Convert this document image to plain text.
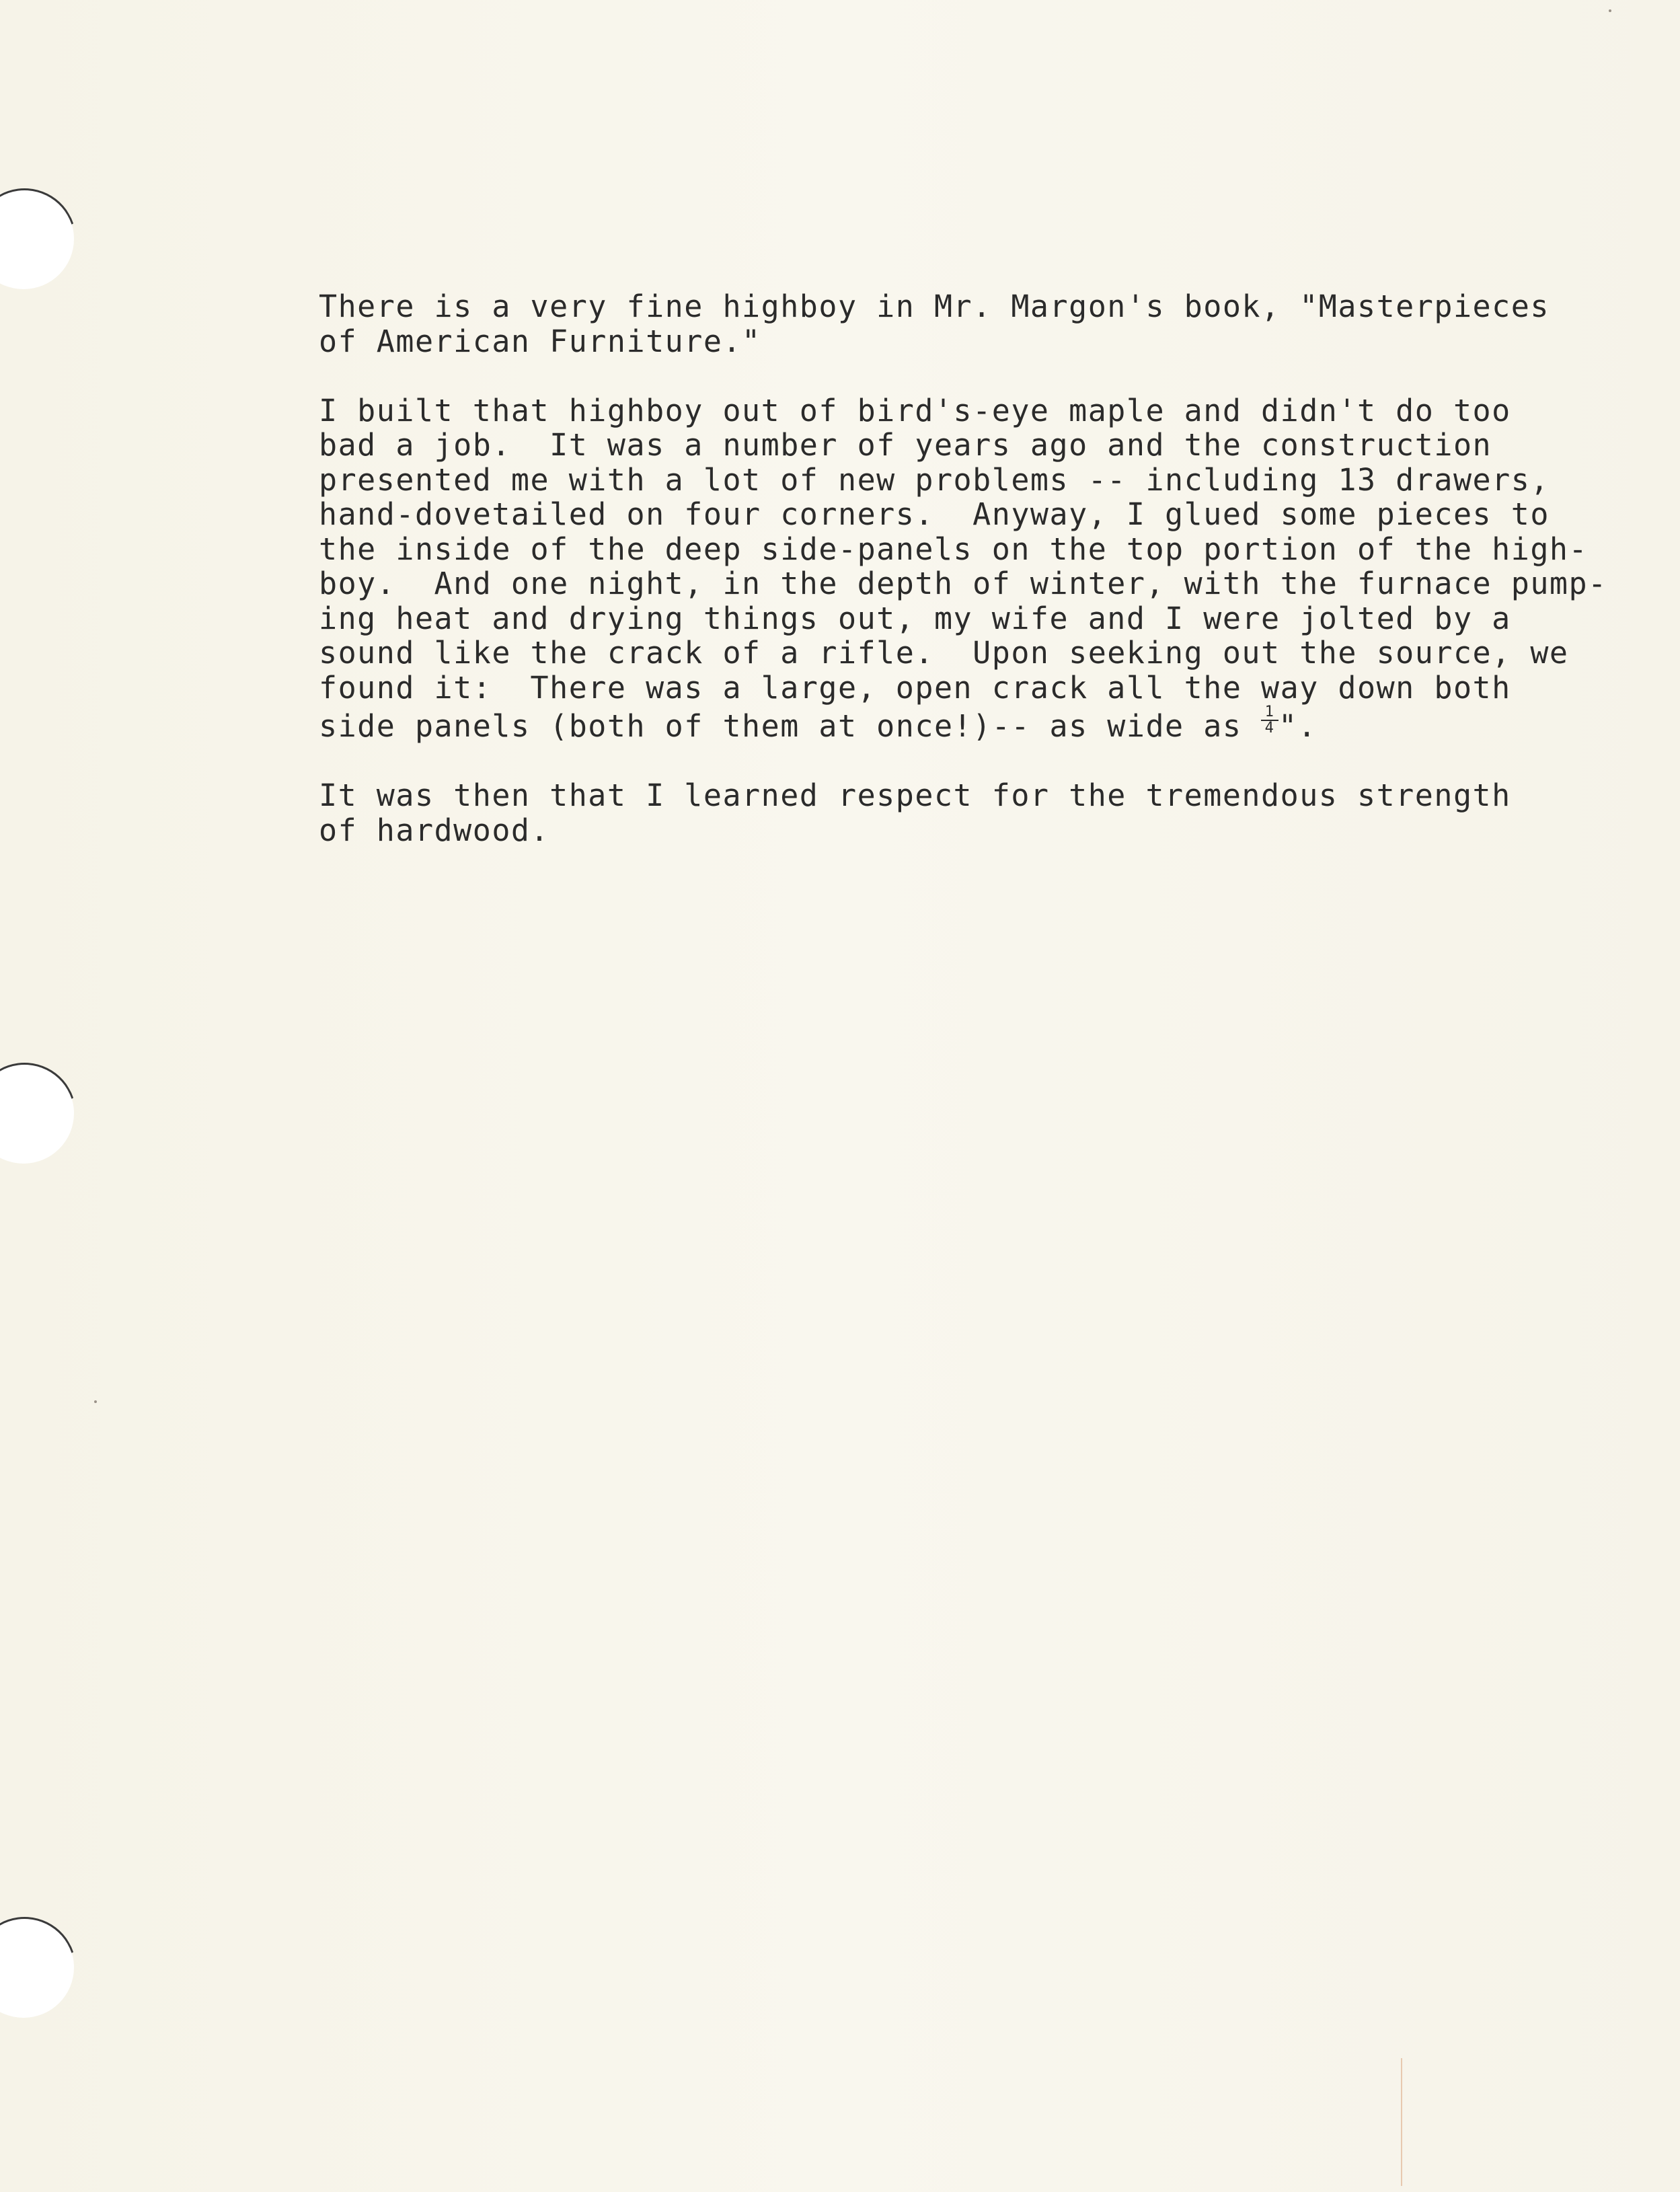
There is a very fine highboy in Mr. Margon's book, "Masterpieces
of American Furniture."

I built that highboy out of bird's-eye maple and didn't do too
bad a job.  It was a number of years ago and the construction
presented me with a lot of new problems -- including 13 drawers,
hand-dovetailed on four corners.  Anyway, I glued some pieces to
the inside of the deep side-panels on the top portion of the high-
boy.  And one night, in the depth of winter, with the furnace pump-
ing heat and drying things out, my wife and I were jolted by a
sound like the crack of a rifle.  Upon seeking out the source, we
found it:  There was a large, open crack all the way down both
side panels (both of them at once!)-- as wide as $\frac{1}{4}$ ".

It was then that I learned respect for the tremendous strength
of hardwood.
